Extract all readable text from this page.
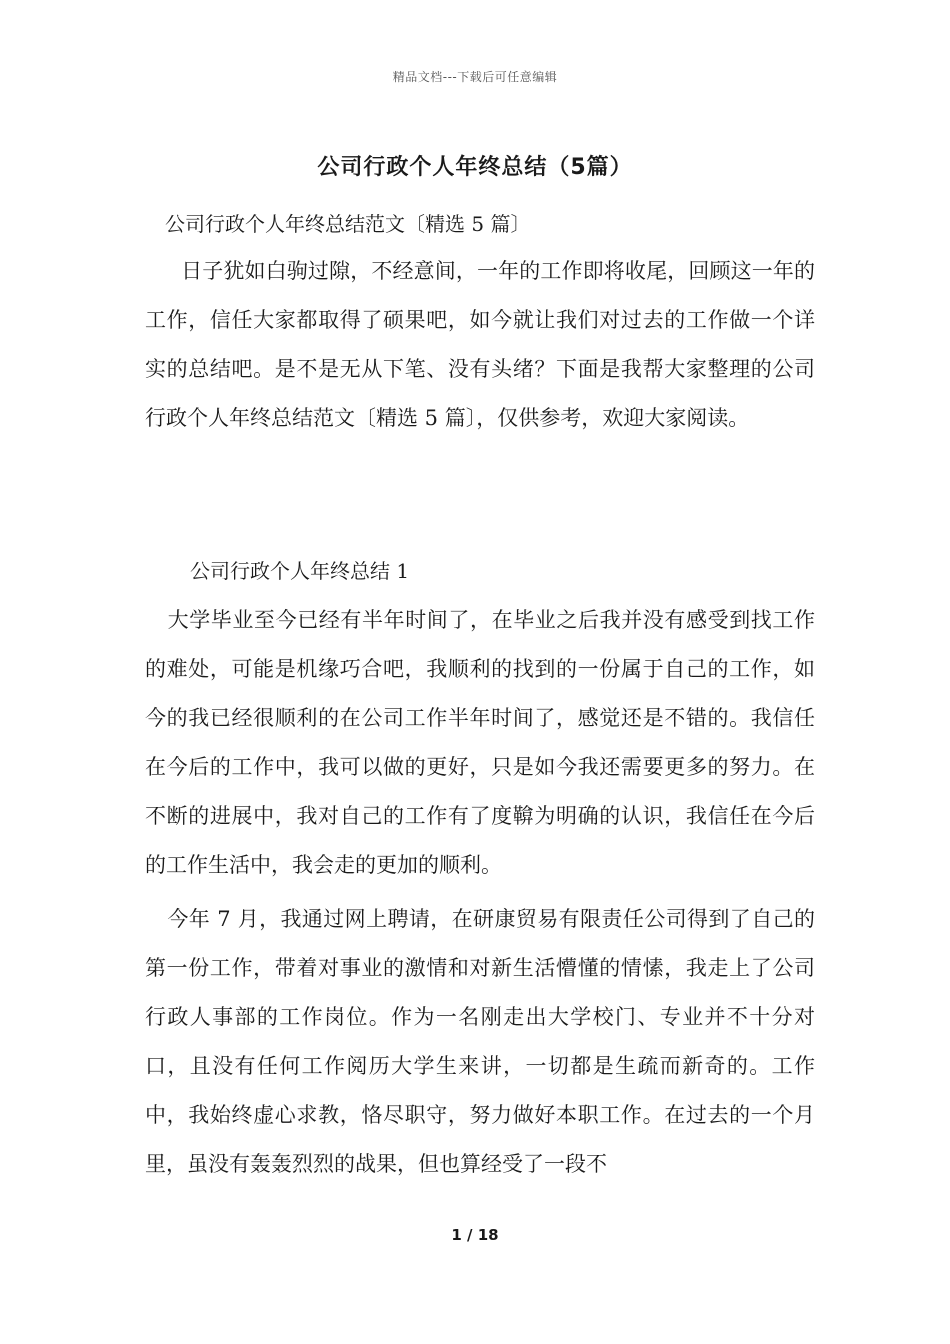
精品文档---下载后可任意编辑
公司行政个人年终总结（5篇）
公司行政个人年终总结范文〔精选 5 篇〕

日子犹如白驹过隙，不经意间，一年的工作即将收尾，回顾这一年的工作，信任大家都取得了硕果吧，如今就让我们对过去的工作做一个详实的总结吧。是不是无从下笔、没有头绪？下面是我帮大家整理的公司行政个人年终总结范文〔精选 5 篇〕，仅供参考，欢迎大家阅读。

公司行政个人年终总结 1

大学毕业至今已经有半年时间了，在毕业之后我并没有感受到找工作的难处，可能是机缘巧合吧，我顺利的找到的一份属于自己的工作，如今的我已经很顺利的在公司工作半年时间了，感觉还是不错的。我信任在今后的工作中，我可以做的更好，只是如今我还需要更多的努力。在不断的进展中，我对自己的工作有了度鞥为明确的认识，我信任在今后的工作生活中，我会走的更加的顺利。

今年 7 月，我通过网上聘请，在研康贸易有限责任公司得到了自己的第一份工作，带着对事业的激情和对新生活懵懂的情愫，我走上了公司行政人事部的工作岗位。作为一名刚走出大学校门、专业并不十分对口，且没有任何工作阅历大学生来讲，一切都是生疏而新奇的。工作中，我始终虚心求教，恪尽职守，努力做好本职工作。在过去的一个月里，虽没有轰轰烈烈的战果，但也算经受了一段不

1 / 18
